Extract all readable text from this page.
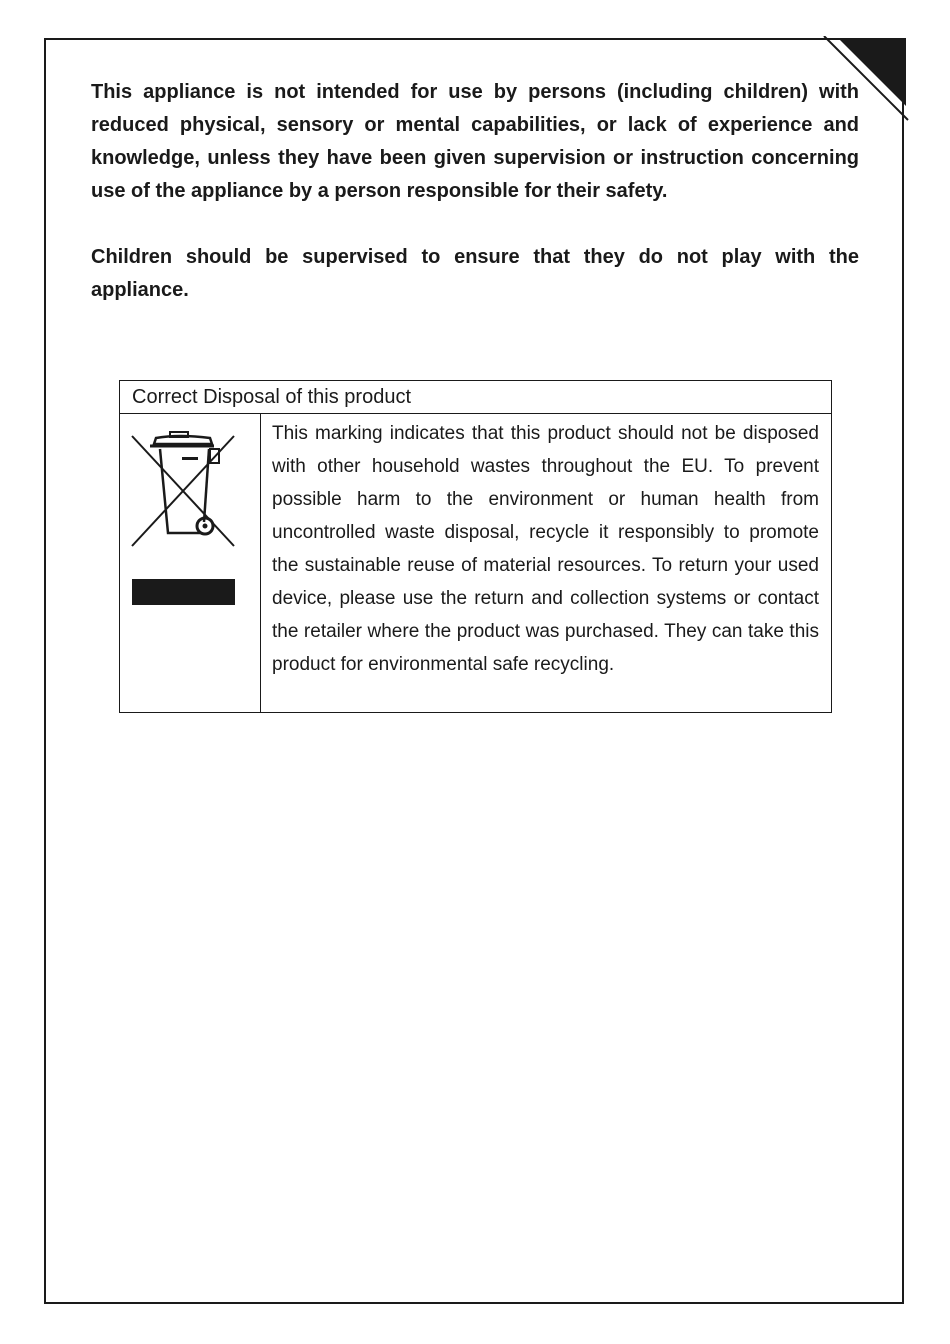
This appliance is not intended for use by persons (including children) with reduced physical, sensory or mental capabilities, or lack of experience and knowledge, unless they have been given supervision or instruction concerning use of the appliance by a person responsible for their safety.

Children should be supervised to ensure that they do not play with the appliance.

Correct Disposal of this product

This marking indicates that this product should not be disposed with other household wastes throughout the EU. To prevent possible harm to the environment or human health from uncontrolled waste disposal, recycle it responsibly to promote the sustainable reuse of material resources. To return your used device, please use the return and collection systems or contact the retailer where the product was purchased. They can take this product for environmental safe recycling.
